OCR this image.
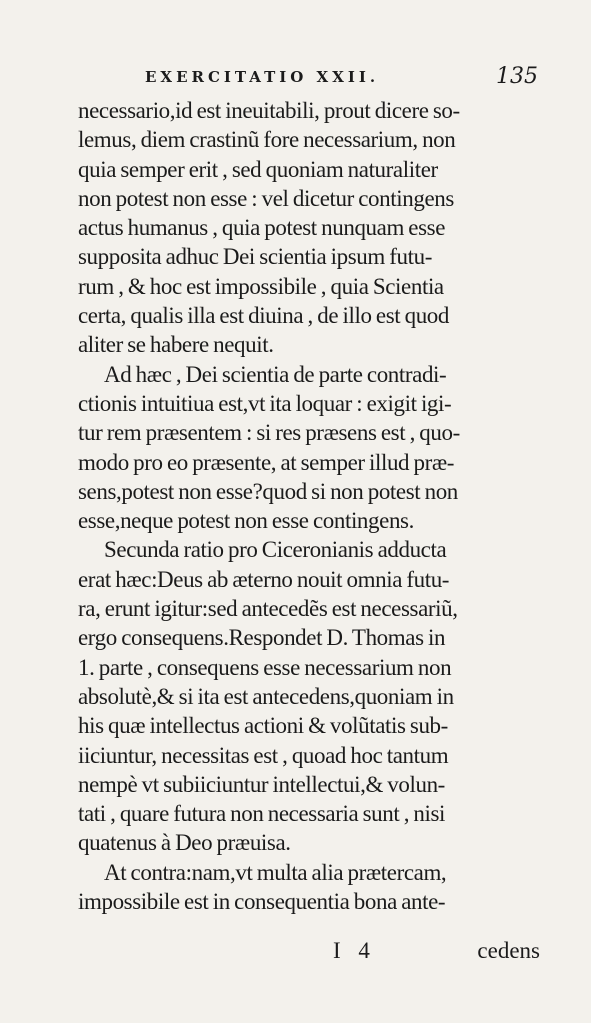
EXERCITATIO XXII.	135
necessario,id est ineuitabili, prout dicere so-
lemus, diem crastinũ fore necessarium, non
quia semper erit , sed quoniam naturaliter
non potest non esse : vel dicetur contingens
actus humanus , quia potest nunquam esse
supposita adhuc Dei scientia ipsum futu-
rum , & hoc est impossibile , quia Scientia
certa, qualis illa est diuina , de illo est quod
aliter se habere nequit.
Ad hæc , Dei scientia de parte contradi-
ctionis intuitiua est,vt ita loquar : exigit igi-
tur rem præsentem : si res præsens est , quo-
modo pro eo præsente, at semper illud præ-
sens,potest non esse?quod si non potest non
esse,neque potest non esse contingens.
Secunda ratio pro Ciceronianis adducta
erat hæc:Deus ab æterno nouit omnia futu-
ra, erunt igitur:sed antecedẽs est necessariũ,
ergo consequens.Respondet D. Thomas in
1. parte , consequens esse necessarium non
absolutè,& si ita est antecedens,quoniam in
his quæ intellectus actioni & volũtatis sub-
iiciuntur, necessitas est , quoad hoc tantum
nempè vt subiiciuntur intellectui,& volun-
tati , quare futura non necessaria sunt , nisi
quatenus à Deo præuisa.
At contra:nam,vt multa alia prætercam,
impossibile est in consequentia bona ante-
I 4	cedens
